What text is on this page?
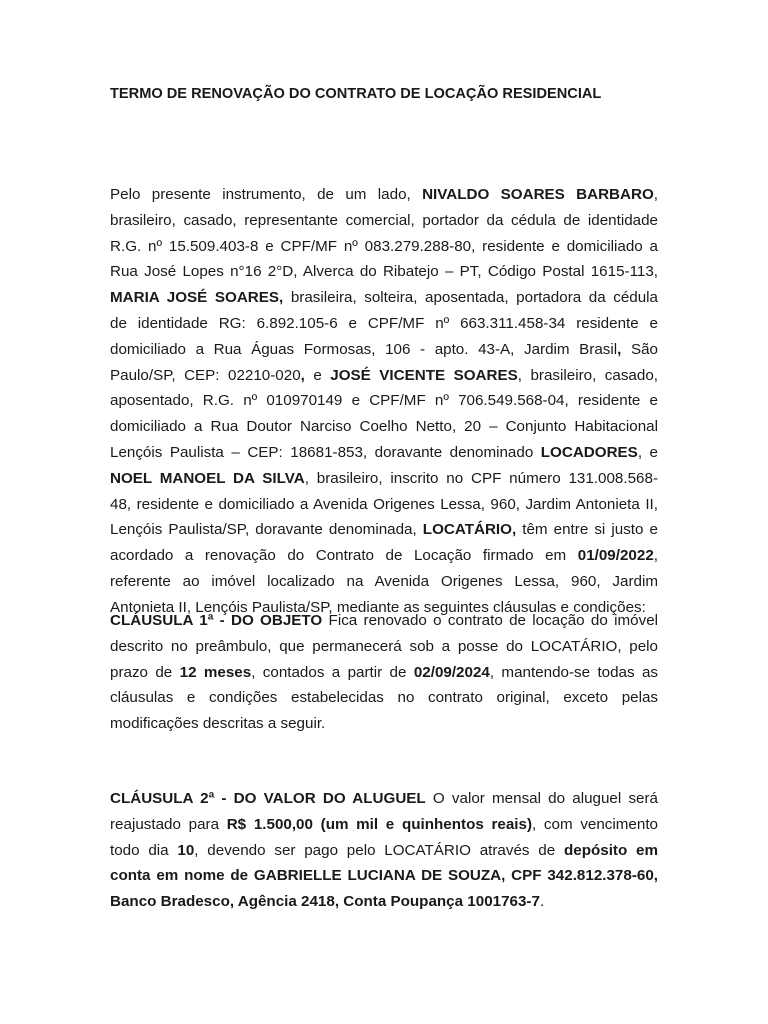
TERMO DE RENOVAÇÃO DO CONTRATO DE LOCAÇÃO RESIDENCIAL
Pelo presente instrumento, de um lado, NIVALDO SOARES BARBARO,
brasileiro, casado, representante comercial, portador da cédula de identidade
R.G. nº 15.509.403-8 e CPF/MF nº 083.279.288-80, residente e domiciliado a
Rua José Lopes n°16 2°D, Alverca do Ribatejo – PT, Código Postal 1615-113,
MARIA JOSÉ SOARES, brasileira, solteira, aposentada, portadora da cédula
de identidade RG: 6.892.105-6 e CPF/MF nº 663.311.458-34 residente e
domiciliado a Rua Águas Formosas, 106 - apto. 43-A, Jardim Brasil, São
Paulo/SP, CEP: 02210-020, e JOSÉ VICENTE SOARES, brasileiro, casado,
aposentado, R.G. nº 010970149 e CPF/MF nº 706.549.568-04, residente e
domiciliado a Rua Doutor Narciso Coelho Netto, 20 – Conjunto Habitacional
Lençóis Paulista – CEP: 18681-853, doravante denominado LOCADORES, e
NOEL MANOEL DA SILVA, brasileiro, inscrito no CPF número 131.008.568-
48, residente e domiciliado a Avenida Origenes Lessa, 960, Jardim Antonieta II,
Lençóis Paulista/SP, doravante denominada, LOCATÁRIO, têm entre si justo e
acordado a renovação do Contrato de Locação firmado em 01/09/2022,
referente ao imóvel localizado na Avenida Origenes Lessa, 960, Jardim
Antonieta II, Lençóis Paulista/SP, mediante as seguintes cláusulas e condições:
CLÁUSULA 1ª - DO OBJETO Fica renovado o contrato de locação do imóvel
descrito no preâmbulo, que permanecerá sob a posse do LOCATÁRIO, pelo
prazo de 12 meses, contados a partir de 02/09/2024, mantendo-se todas as
cláusulas e condições estabelecidas no contrato original, exceto pelas
modificações descritas a seguir.
CLÁUSULA 2ª - DO VALOR DO ALUGUEL O valor mensal do aluguel será
reajustado para R$ 1.500,00 (um mil e quinhentos reais), com vencimento
todo dia 10, devendo ser pago pelo LOCATÁRIO através de depósito em
conta em nome de GABRIELLE LUCIANA DE SOUZA, CPF 342.812.378-60,
Banco Bradesco, Agência 2418, Conta Poupança 1001763-7.
